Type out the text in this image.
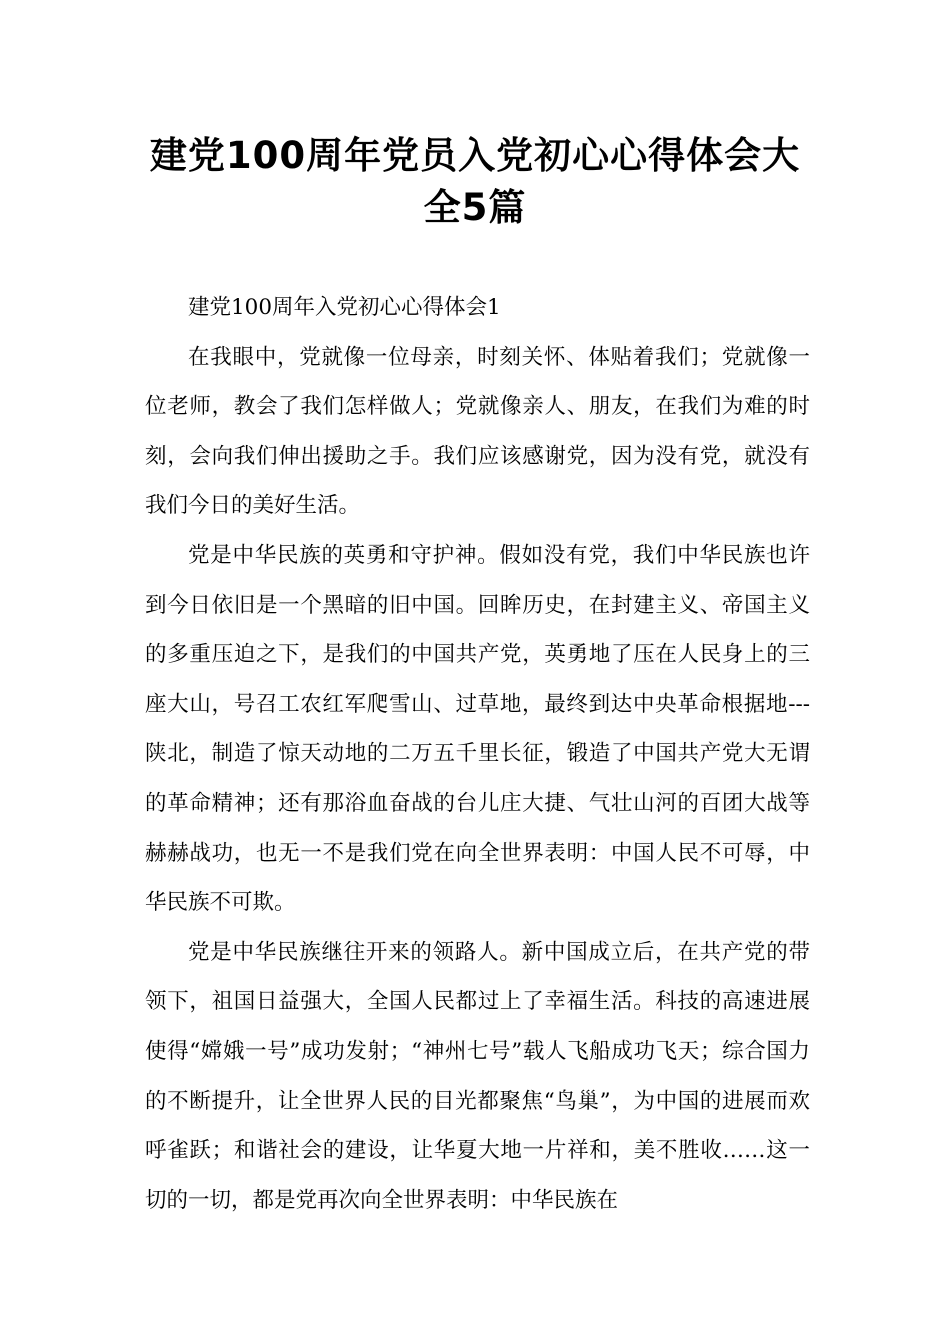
建党100周年党员入党初心心得体会大全5篇

建党100周年入党初心心得体会1

在我眼中，党就像一位母亲，时刻关怀、体贴着我们；党就像一位老师，教会了我们怎样做人；党就像亲人、朋友，在我们为难的时刻，会向我们伸出援助之手。我们应该感谢党，因为没有党，就没有我们今日的美好生活。

党是中华民族的英勇和守护神。假如没有党，我们中华民族也许到今日依旧是一个黑暗的旧中国。回眸历史，在封建主义、帝国主义的多重压迫之下，是我们的中国共产党，英勇地了压在人民身上的三座大山，号召工农红军爬雪山、过草地，最终到达中央革命根据地---陕北，制造了惊天动地的二万五千里长征，锻造了中国共产党大无谓的革命精神；还有那浴血奋战的台儿庄大捷、气壮山河的百团大战等赫赫战功，也无一不是我们党在向全世界表明：中国人民不可辱，中华民族不可欺。

党是中华民族继往开来的领路人。新中国成立后，在共产党的带领下，祖国日益强大，全国人民都过上了幸福生活。科技的高速进展使得“嫦娥一号”成功发射；“神州七号”载人飞船成功飞天；综合国力的不断提升，让全世界人民的目光都聚焦“鸟巢”，为中国的进展而欢呼雀跃；和谐社会的建设，让华夏大地一片祥和，美不胜收……这一切的一切，都是党再次向全世界表明：中华民族在
